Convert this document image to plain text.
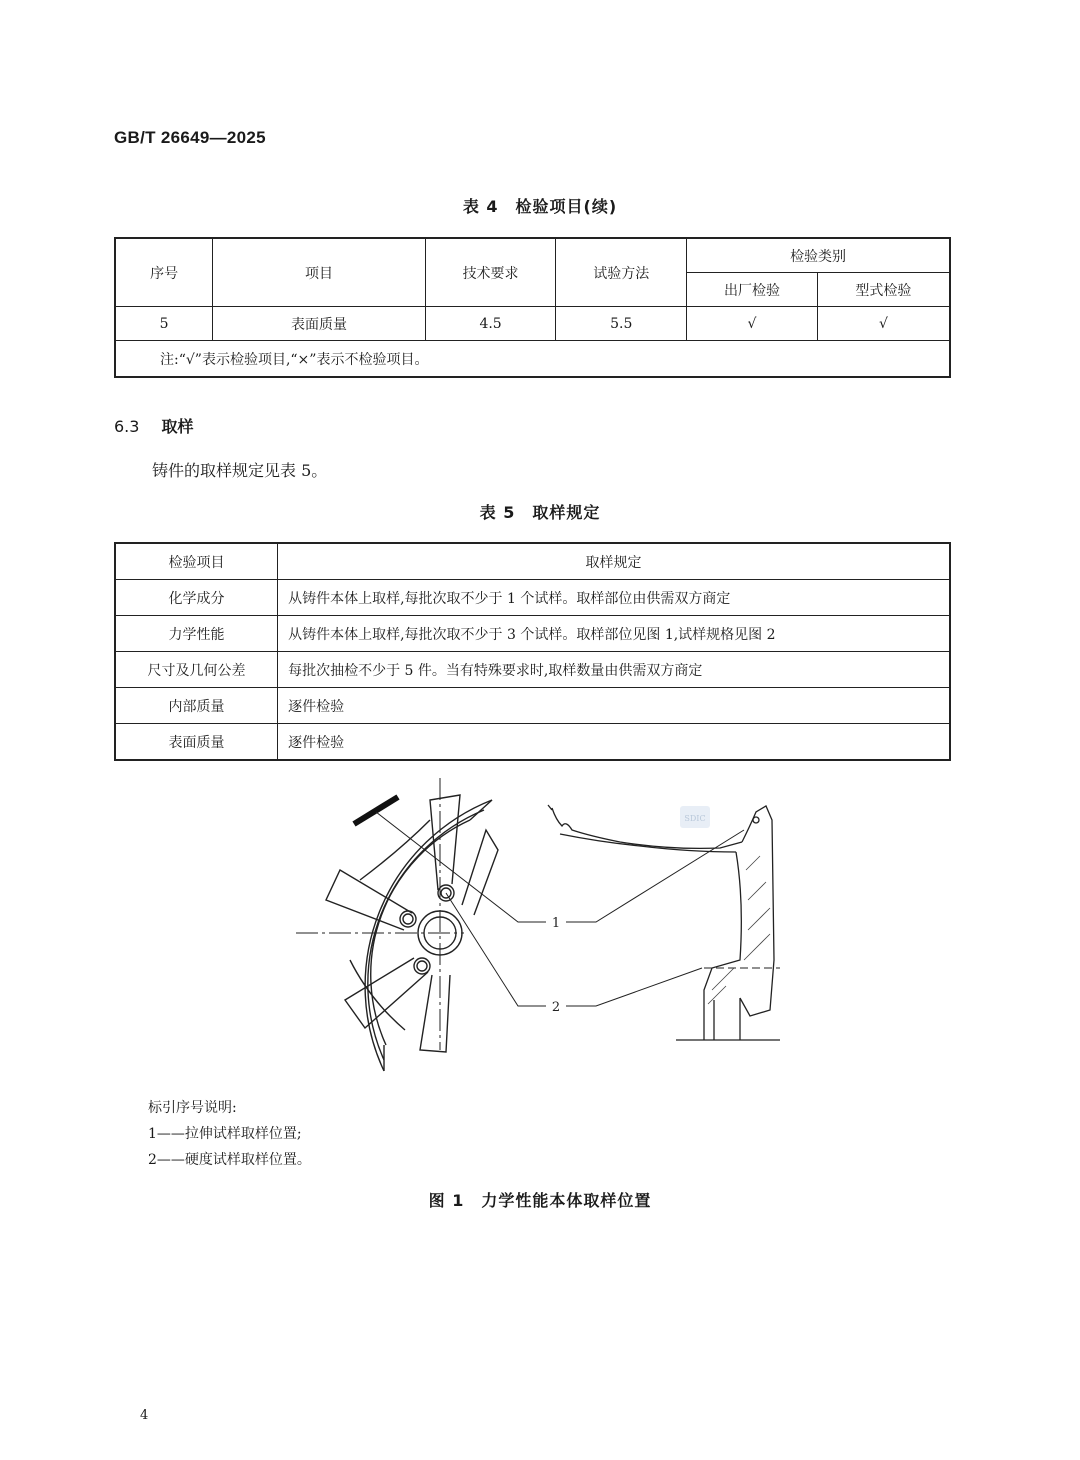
GB/T 26649—2025
表 4　检验项目(续)
序号	项目	技术要求	试验方法	检验类别	
				出厂检验	型式检验
5	表面质量	4.5	5.5	√	√
注:“√”表示检验项目,“×”表示不检验项目。					
6.3 取样
铸件的取样规定见表 5。
表 5　取样规定
检验项目	取样规定
化学成分	从铸件本体上取样,每批次取不少于 1 个试样。取样部位由供需双方商定
力学性能	从铸件本体上取样,每批次取不少于 3 个试样。取样部位见图 1,试样规格见图 2
尺寸及几何公差	每批次抽检不少于 5 件。当有特殊要求时,取样数量由供需双方商定
内部质量	逐件检验
表面质量	逐件检验
1
2
SDIC
标引序号说明:
1——拉伸试样取样位置;
2——硬度试样取样位置。
图 1　力学性能本体取样位置
4
